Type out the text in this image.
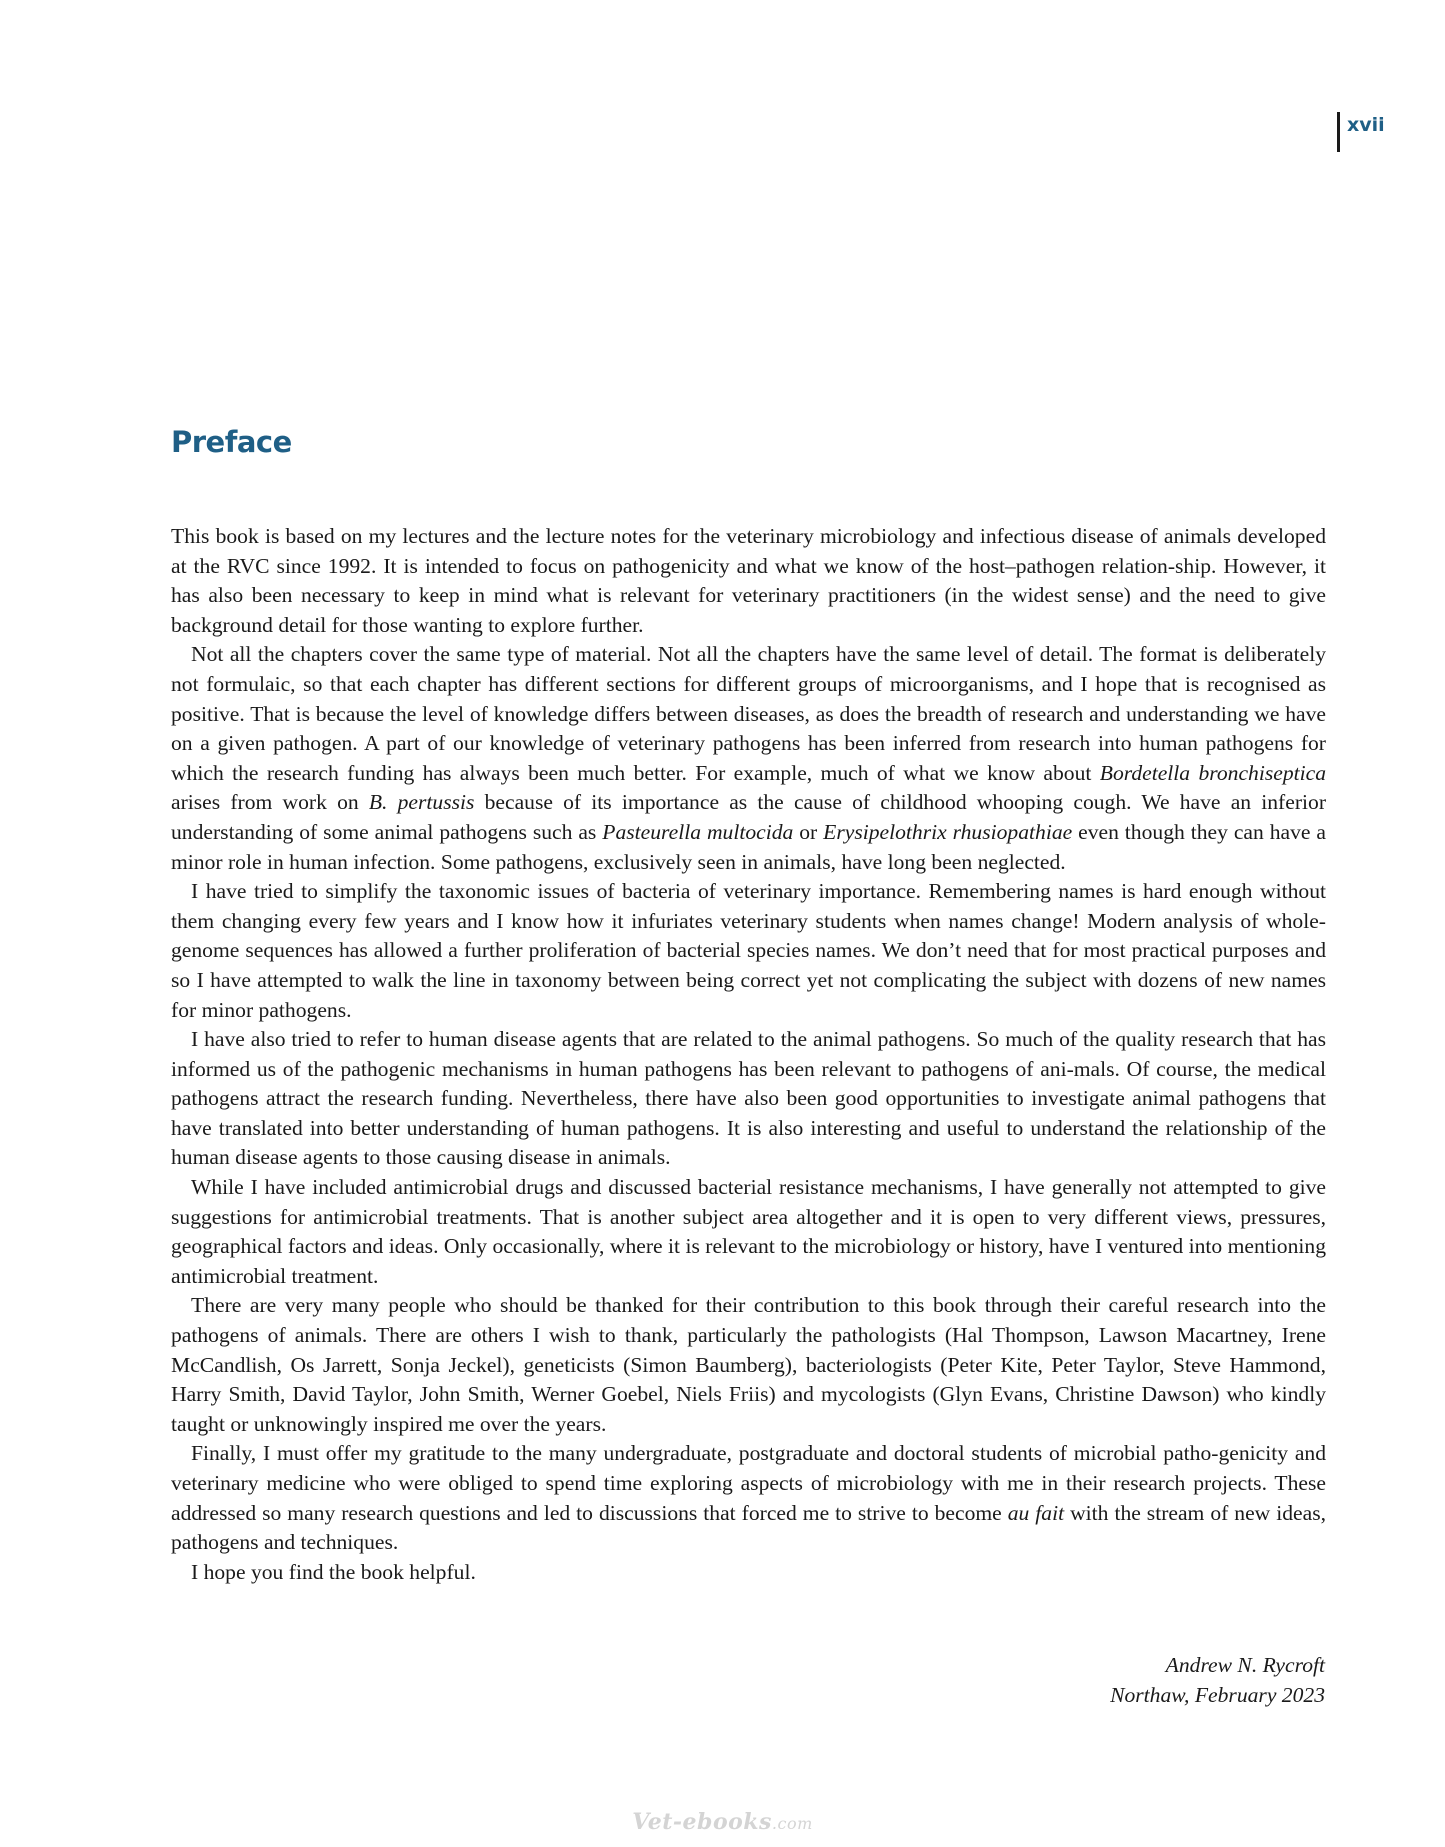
xvii
Preface

This book is based on my lectures and the lecture notes for the veterinary microbiology and infectious disease of animals developed at the RVC since 1992. It is intended to focus on pathogenicity and what we know of the host–pathogen relation-ship. However, it has also been necessary to keep in mind what is relevant for veterinary practitioners (in the widest sense) and the need to give background detail for those wanting to explore further.

Not all the chapters cover the same type of material. Not all the chapters have the same level of detail. The format is deliberately not formulaic, so that each chapter has different sections for different groups of microorganisms, and I hope that is recognised as positive. That is because the level of knowledge differs between diseases, as does the breadth of research and understanding we have on a given pathogen. A part of our knowledge of veterinary pathogens has been inferred from research into human pathogens for which the research funding has always been much better. For example, much of what we know about Bordetella bronchiseptica arises from work on B. pertussis because of its importance as the cause of childhood whooping cough. We have an inferior understanding of some animal pathogens such as Pasteurella multocida or Erysipelothrix rhusiopathiae even though they can have a minor role in human infection. Some pathogens, exclusively seen in animals, have long been neglected.

I have tried to simplify the taxonomic issues of bacteria of veterinary importance. Remembering names is hard enough without them changing every few years and I know how it infuriates veterinary students when names change! Modern analysis of whole-genome sequences has allowed a further proliferation of bacterial species names. We don’t need that for most practical purposes and so I have attempted to walk the line in taxonomy between being correct yet not complicating the subject with dozens of new names for minor pathogens.

I have also tried to refer to human disease agents that are related to the animal pathogens. So much of the quality research that has informed us of the pathogenic mechanisms in human pathogens has been relevant to pathogens of ani-mals. Of course, the medical pathogens attract the research funding. Nevertheless, there have also been good opportunities to investigate animal pathogens that have translated into better understanding of human pathogens. It is also interesting and useful to understand the relationship of the human disease agents to those causing disease in animals.

While I have included antimicrobial drugs and discussed bacterial resistance mechanisms, I have generally not attempted to give suggestions for antimicrobial treatments. That is another subject area altogether and it is open to very different views, pressures, geographical factors and ideas. Only occasionally, where it is relevant to the microbiology or history, have I ventured into mentioning antimicrobial treatment.

There are very many people who should be thanked for their contribution to this book through their careful research into the pathogens of animals. There are others I wish to thank, particularly the pathologists (Hal Thompson, Lawson Macartney, Irene McCandlish, Os Jarrett, Sonja Jeckel), geneticists (Simon Baumberg), bacteriologists (Peter Kite, Peter Taylor, Steve Hammond, Harry Smith, David Taylor, John Smith, Werner Goebel, Niels Friis) and mycologists (Glyn Evans, Christine Dawson) who kindly taught or unknowingly inspired me over the years.

Finally, I must offer my gratitude to the many undergraduate, postgraduate and doctoral students of microbial patho-genicity and veterinary medicine who were obliged to spend time exploring aspects of microbiology with me in their research projects. These addressed so many research questions and led to discussions that forced me to strive to become au fait with the stream of new ideas, pathogens and techniques.

I hope you find the book helpful.

Andrew N. Rycroft
Northaw, February 2023
Vet-ebooks.com
